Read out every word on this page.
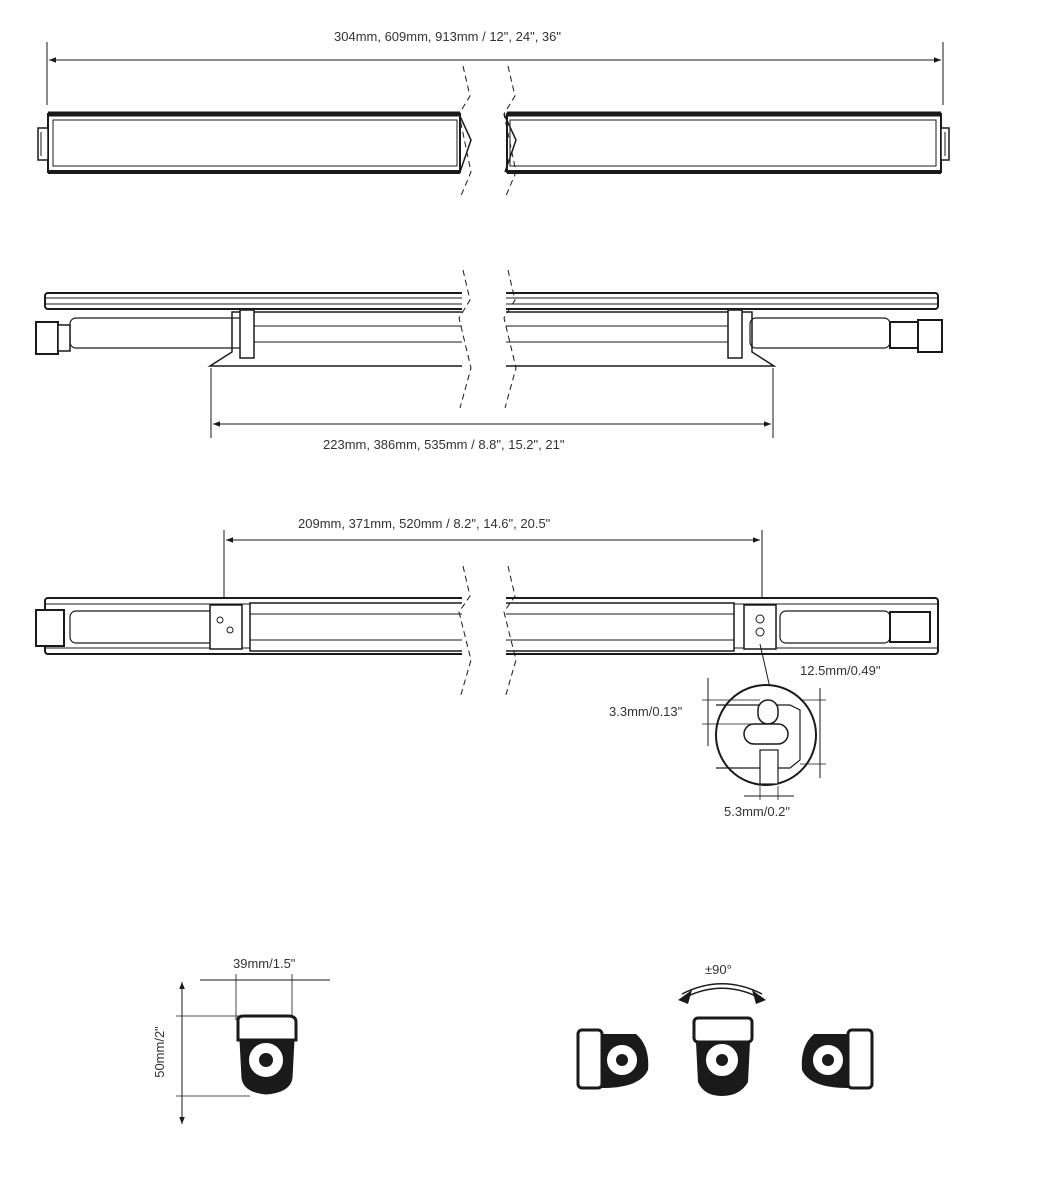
304mm, 609mm, 913mm / 12", 24", 36"
223mm, 386mm, 535mm / 8.8", 15.2", 21"
209mm, 371mm, 520mm / 8.2", 14.6", 20.5"
3.3mm/0.13"
12.5mm/0.49"
5.3mm/0.2"
39mm/1.5"
50mm/2"
±90°
